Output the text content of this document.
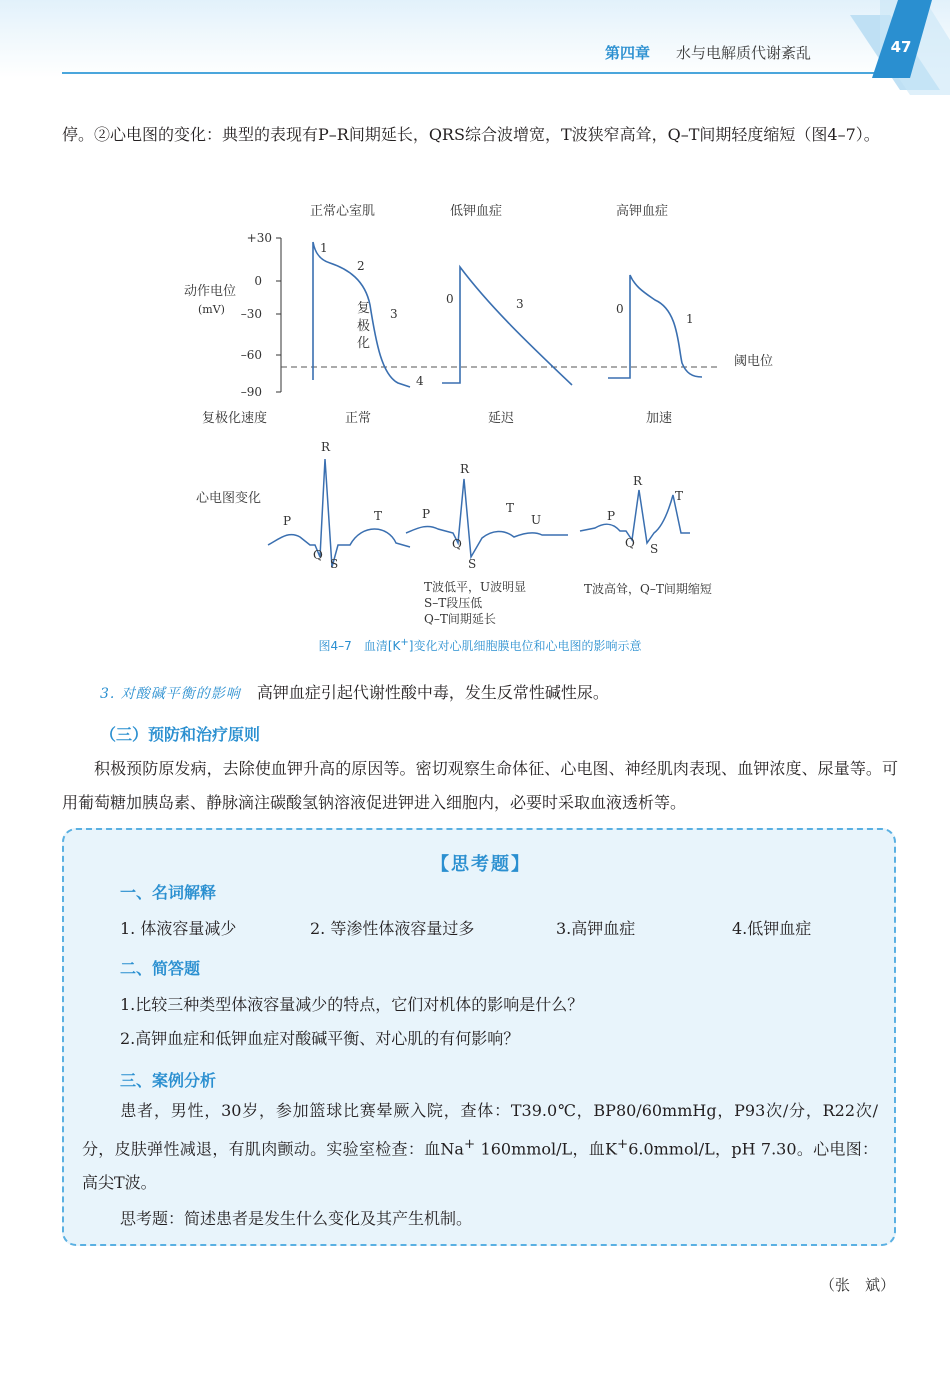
第四章 水与电解质代谢紊乱	47

停。②心电图的变化：典型的表现有P–R间期延长，QRS综合波增宽，T波狭窄高耸，Q–T间期轻度缩短（图4–7）。

正常心室肌	低钾血症	高钾血症
+30
0
–30
–60
–90
动作电位
(mV)
阈电位
1
2
3
4
复
极
化
0	3	0
1
复极化速度	正常	延迟	加速
心电图变化
P
R
Q
S
T	P
R
Q
S
T
U	P
R
Q S
T
T波低平，U波明显
S–T段压低
Q–T间期延长
T波高耸，Q–T间期缩短
图4–7　血清[K+]变化对心肌细胞膜电位和心电图的影响示意

3. 对酸碱平衡的影响　 高钾血症引起代谢性酸中毒，发生反常性碱性尿。

（三）预防和治疗原则

积极预防原发病，去除使血钾升高的原因等。密切观察生命体征、心电图、神经肌肉表现、血钾浓度、尿量等。可用葡萄糖加胰岛素、静脉滴注碳酸氢钠溶液促进钾进入细胞内，必要时采取血液透析等。

【思考题】
一、名词解释
1. 体液容量减少	2. 等渗性体液容量过多	3.高钾血症	4.低钾血症
二、简答题
1.比较三种类型体液容量减少的特点，它们对机体的影响是什么？
2.高钾血症和低钾血症对酸碱平衡、对心肌的有何影响？
三、案例分析

患者，男性，30岁，参加篮球比赛晕厥入院，查体：T39.0℃，BP80/60mmHg，P93次/分，R22次/分，皮肤弹性减退，有肌肉颤动。实验室检查：血Na+ 160mmol/L，血K+6.0mmol/L，pH 7.30。心电图：高尖T波。

思考题：简述患者是发生什么变化及其产生机制。
（张　斌）
